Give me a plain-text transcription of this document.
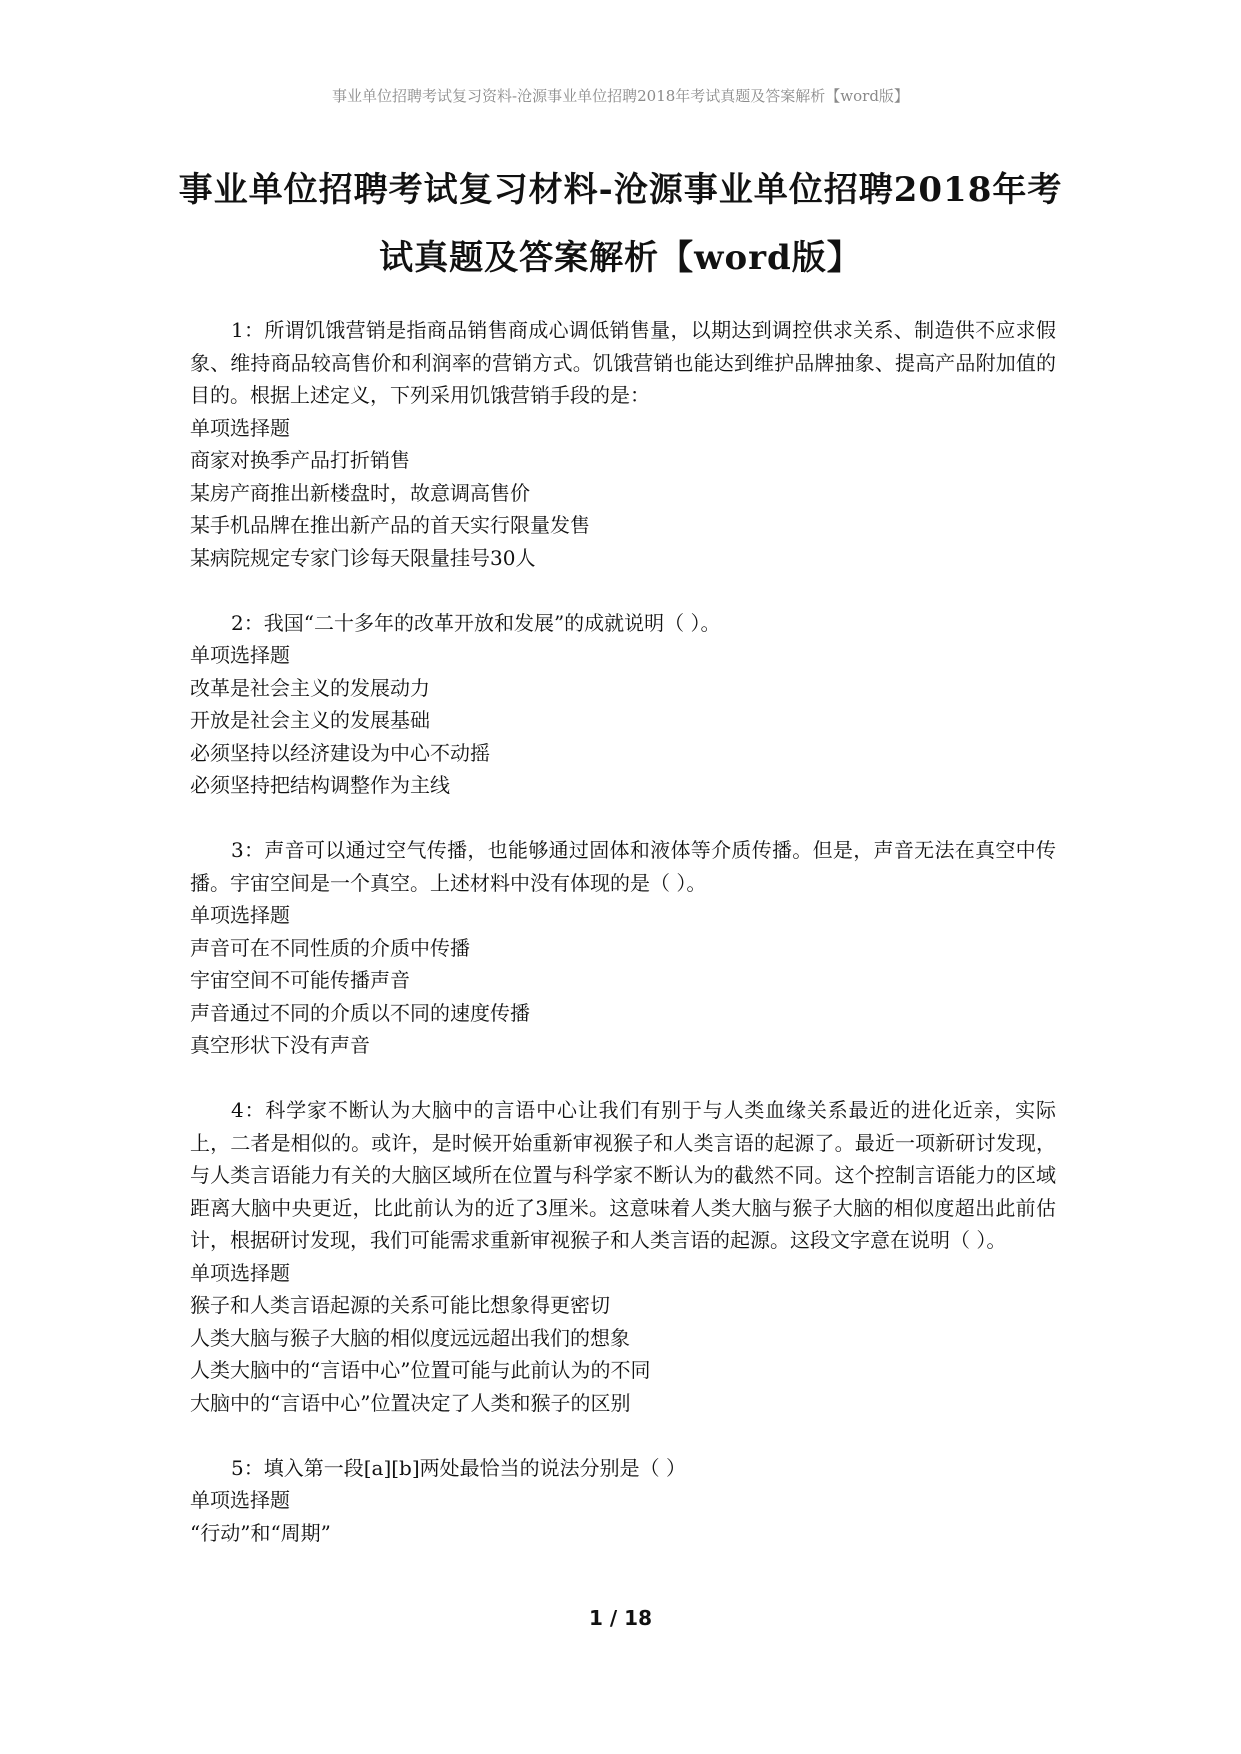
事业单位招聘考试复习资料-沧源事业单位招聘2018年考试真题及答案解析【word版】
事业单位招聘考试复习材料-沧源事业单位招聘2018年考试真题及答案解析【word版】

1：所谓饥饿营销是指商品销售商成心调低销售量，以期达到调控供求关系、制造供不应求假象、维持商品较高售价和利润率的营销方式。饥饿营销也能达到维护品牌抽象、提高产品附加值的目的。根据上述定义，下列采用饥饿营销手段的是：

单项选择题

商家对换季产品打折销售

某房产商推出新楼盘时，故意调高售价

某手机品牌在推出新产品的首天实行限量发售

某病院规定专家门诊每天限量挂号30人

2：我国“二十多年的改革开放和发展”的成就说明（ ）。

单项选择题

改革是社会主义的发展动力

开放是社会主义的发展基础

必须坚持以经济建设为中心不动摇

必须坚持把结构调整作为主线

3：声音可以通过空气传播，也能够通过固体和液体等介质传播。但是，声音无法在真空中传播。宇宙空间是一个真空。上述材料中没有体现的是（ ）。

单项选择题

声音可在不同性质的介质中传播

宇宙空间不可能传播声音

声音通过不同的介质以不同的速度传播

真空形状下没有声音

4：科学家不断认为大脑中的言语中心让我们有别于与人类血缘关系最近的进化近亲，实际上，二者是相似的。或许，是时候开始重新审视猴子和人类言语的起源了。最近一项新研讨发现，与人类言语能力有关的大脑区域所在位置与科学家不断认为的截然不同。这个控制言语能力的区域距离大脑中央更近，比此前认为的近了3厘米。这意味着人类大脑与猴子大脑的相似度超出此前估计，根据研讨发现，我们可能需求重新审视猴子和人类言语的起源。这段文字意在说明（ ）。

单项选择题

猴子和人类言语起源的关系可能比想象得更密切

人类大脑与猴子大脑的相似度远远超出我们的想象

人类大脑中的“言语中心”位置可能与此前认为的不同

大脑中的“言语中心”位置决定了人类和猴子的区别

5：填入第一段[a][b]两处最恰当的说法分别是（ ）

单项选择题

“行动”和“周期”

1 / 18
